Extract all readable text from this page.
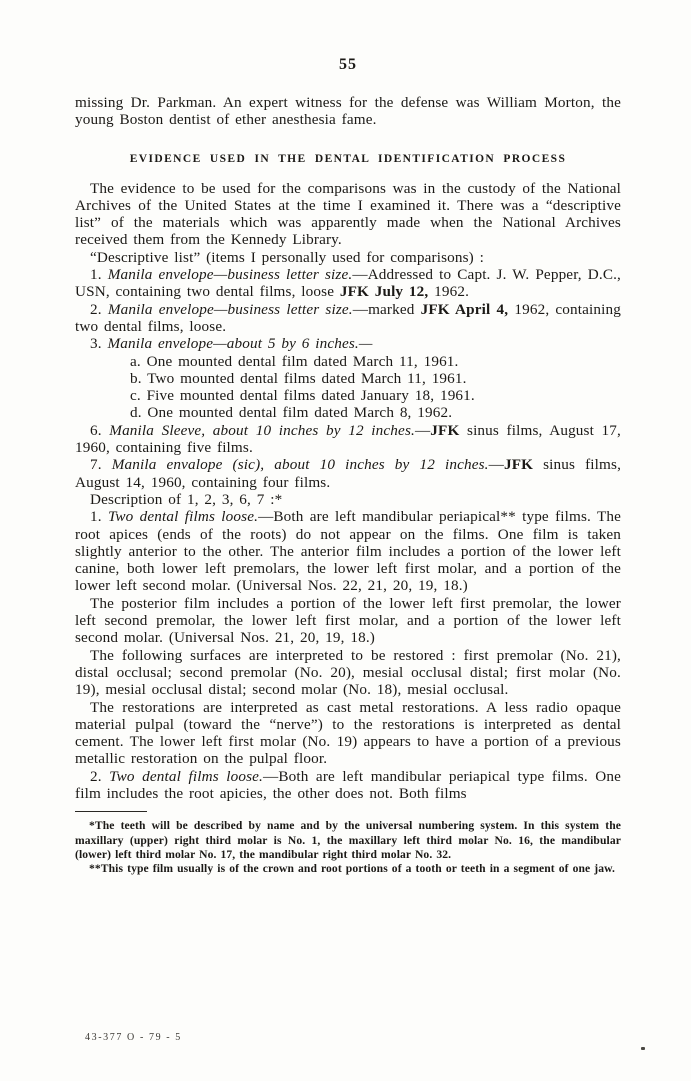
55

missing Dr. Parkman. An expert witness for the defense was William Morton, the young Boston dentist of ether anesthesia fame.

EVIDENCE USED IN THE DENTAL IDENTIFICATION PROCESS

The evidence to be used for the comparisons was in the custody of the National Archives of the United States at the time I examined it. There was a “descriptive list” of the materials which was apparently made when the National Archives received them from the Kennedy Library.

“Descriptive list” (items I personally used for comparisons) :

1. Manila envelope—business letter size.—Addressed to Capt. J. W. Pepper, D.C., USN, containing two dental films, loose JFK July 12, 1962.

2. Manila envelope—business letter size.—marked JFK April 4, 1962, containing two dental films, loose.

3. Manila envelope—about 5 by 6 inches.—

a. One mounted dental film dated March 11, 1961.
b. Two mounted dental films dated March 11, 1961.
c. Five mounted dental films dated January 18, 1961.
d. One mounted dental film dated March 8, 1962.

6. Manila Sleeve, about 10 inches by 12 inches.—JFK sinus films, August 17, 1960, containing five films.

7. Manila envalope (sic), about 10 inches by 12 inches.—JFK sinus films, August 14, 1960, containing four films.

Description of 1, 2, 3, 6, 7 :*

1. Two dental films loose.—Both are left mandibular periapical** type films. The root apices (ends of the roots) do not appear on the films. One film is taken slightly anterior to the other. The anterior film includes a portion of the lower left canine, both lower left premolars, the lower left first molar, and a portion of the lower left second molar. (Universal Nos. 22, 21, 20, 19, 18.)

The posterior film includes a portion of the lower left first premolar, the lower left second premolar, the lower left first molar, and a portion of the lower left second molar. (Universal Nos. 21, 20, 19, 18.)

The following surfaces are interpreted to be restored : first premolar (No. 21), distal occlusal; second premolar (No. 20), mesial occlusal distal; first molar (No. 19), mesial occlusal distal; second molar (No. 18), mesial occlusal.

The restorations are interpreted as cast metal restorations. A less radio opaque material pulpal (toward the “nerve”) to the restorations is interpreted as dental cement. The lower left first molar (No. 19) appears to have a portion of a previous metallic restoration on the pulpal floor.

2. Two dental films loose.—Both are left mandibular periapical type films. One film includes the root apicies, the other does not. Both films

*The teeth will be described by name and by the universal numbering system. In this system the maxillary (upper) right third molar is No. 1, the maxillary left third molar No. 16, the mandibular (lower) left third molar No. 17, the mandibular right third molar No. 32.

**This type film usually is of the crown and root portions of a tooth or teeth in a segment of one jaw.

43-377 O - 79 - 5
